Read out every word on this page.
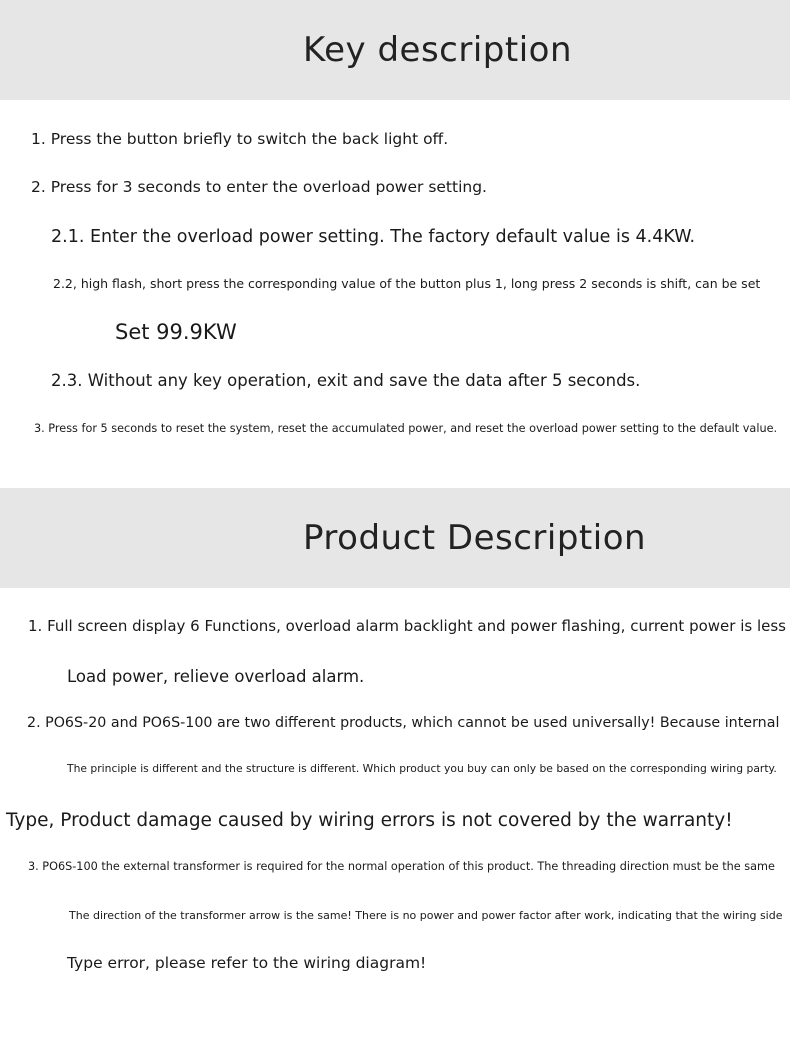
Key description
1. Press the button briefly to switch the back light off.
2. Press for 3 seconds to enter the overload power setting.
2.1. Enter the overload power setting. The factory default value is 4.4KW.
2.2, high flash, short press the corresponding value of the button plus 1, long press 2 seconds is shift, can be set
Set 99.9KW
2.3. Without any key operation, exit and save the data after 5 seconds.
3. Press for 5 seconds to reset the system, reset the accumulated power, and reset the overload power setting to the default value.
Product Description
1. Full screen display 6 Functions, overload alarm backlight and power flashing, current power is less
Load power, relieve overload alarm.
2. PO6S-20 and PO6S-100 are two different products, which cannot be used universally! Because internal
The principle is different and the structure is different. Which product you buy can only be based on the corresponding wiring party.
Type, Product damage caused by wiring errors is not covered by the warranty!
3. PO6S-100 the external transformer is required for the normal operation of this product. The threading direction must be the same
The direction of the transformer arrow is the same! There is no power and power factor after work, indicating that the wiring side
Type error, please refer to the wiring diagram!
